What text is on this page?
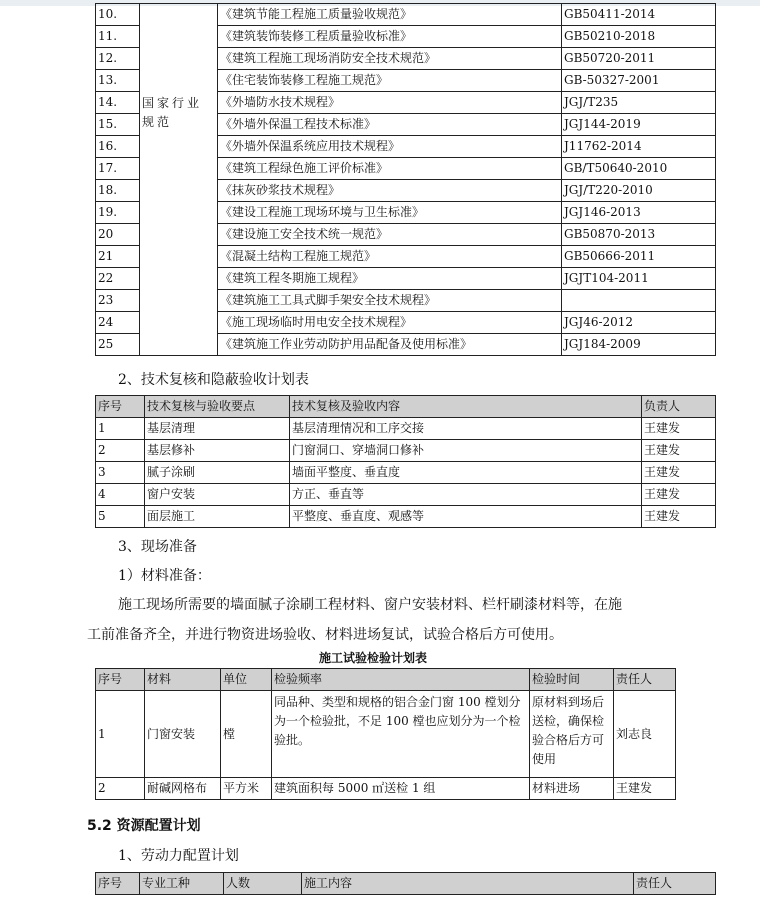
10.	国家行业规范	《建筑节能工程施工质量验收规范》	GB50411-2014
11.		《建筑装饰装修工程质量验收标准》	GB50210-2018
12.		《建筑工程施工现场消防安全技术规范》	GB50720-2011
13.		《住宅装饰装修工程施工规范》	GB-50327-2001
14.		《外墙防水技术规程》	JGJ/T235
15.		《外墙外保温工程技术标准》	JGJ144-2019
16.		《外墙外保温系统应用技术规程》	J11762-2014
17.		《建筑工程绿色施工评价标准》	GB/T50640-2010
18.		《抹灰砂浆技术规程》	JGJ/T220-2010
19.		《建设工程施工现场环境与卫生标准》	JGJ146-2013
20		《建设施工安全技术统一规范》	GB50870-2013
21		《混凝土结构工程施工规范》	GB50666-2011
22		《建筑工程冬期施工规程》	JGJT104-2011
23		《建筑施工工具式脚手架安全技术规程》	
24		《施工现场临时用电安全技术规程》	JGJ46-2012
25		《建筑施工作业劳动防护用品配备及使用标准》	JGJ184-2009
2、技术复核和隐蔽验收计划表
序号	技术复核与验收要点	技术复核及验收内容	负责人
1	基层清理	基层清理情况和工序交接	王建发
2	基层修补	门窗洞口、穿墙洞口修补	王建发
3	腻子涂刷	墙面平整度、垂直度	王建发
4	窗户安装	方正、垂直等	王建发
5	面层施工	平整度、垂直度、观感等	王建发
3、现场准备
1）材料准备：
施工现场所需要的墙面腻子涂刷工程材料、窗户安装材料、栏杆刷漆材料等，在施
工前准备齐全，并进行物资进场验收、材料进场复试，试验合格后方可使用。
施工试验检验计划表
序号	材料	单位	检验频率	检验时间	责任人
1	门窗安装	樘	同品种、类型和规格的铝合金门窗 100 樘划分为一个检验批，不足 100 樘也应划分为一个检验批。	原材料到场后送检，确保检验合格后方可使用	刘志良
2	耐碱网格布	平方米	建筑面积每 5000 ㎡送检 1 组	材料进场	王建发
5.2 资源配置计划
1、劳动力配置计划
序号	专业工种	人数	施工内容	责任人
